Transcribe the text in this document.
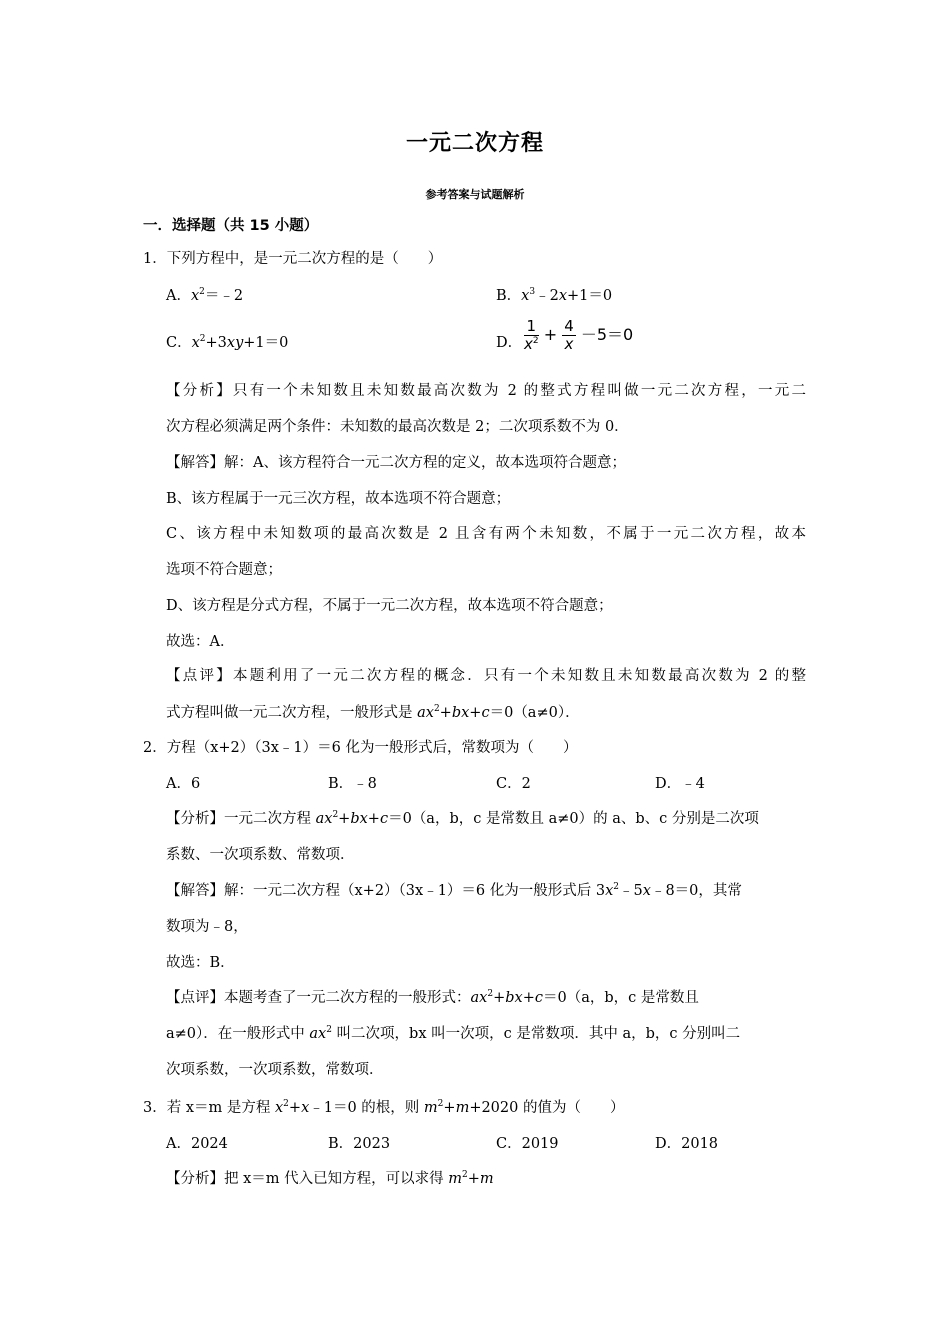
一元二次方程
参考答案与试题解析
一．选择题（共 15 小题）
1．下列方程中，是一元二次方程的是（　　）
A．$x^2=﹣2$	B．$x^3﹣2x+1=0$
C．$x^2+3xy+1=0$	D． $\frac{1}{x^2} + \frac{4}{x} -5=0$
【分析】只有一个未知数且未知数最高次数为 2 的整式方程叫做一元二次方程，一元二
次方程必须满足两个条件：未知数的最高次数是 2；二次项系数不为 0．
【解答】解：A、该方程符合一元二次方程的定义，故本选项符合题意；
B、该方程属于一元三次方程，故本选项不符合题意；
C、该方程中未知数项的最高次数是 2 且含有两个未知数，不属于一元二次方程，故本
选项不符合题意；
D、该方程是分式方程，不属于一元二次方程，故本选项不符合题意；
故选：A．
【点评】本题利用了一元二次方程的概念．只有一个未知数且未知数最高次数为 2 的整
式方程叫做一元二次方程，一般形式是 $ax^2+bx+c=0(a\ne 0)$．
2．方程（x+2）（3x﹣1）＝6 化为一般形式后，常数项为（　　）
A．6	B．﹣8	C．2	D．﹣4
【分析】一元二次方程 $ax^2+bx+c=0(a$，b，c 是常数且 a≠0）的 a、b、c 分别是二次项
系数、一次项系数、常数项．
【解答】解：一元二次方程（x+2）（3x﹣1）＝6 化为一般形式后 $3x^2﹣5x﹣8=0$，其常
数项为﹣8，
故选：B．
【点评】本题考查了一元二次方程的一般形式：$ax^2+bx+c=0(a$，b，c 是常数且
a≠0）．在一般形式中 $ax^2$ 叫二次项，bx 叫一次项，c 是常数项．其中 a，b，c 分别叫二
次项系数，一次项系数，常数项．
3．若 x＝m 是方程 $x^2+x﹣1=0$ 的根，则 $m^2+m+2020$ 的值为（　　）
A．2024	B．2023	C．2019	D．2018
【分析】把 x＝m 代入已知方程，可以求得 $m^2+m$
